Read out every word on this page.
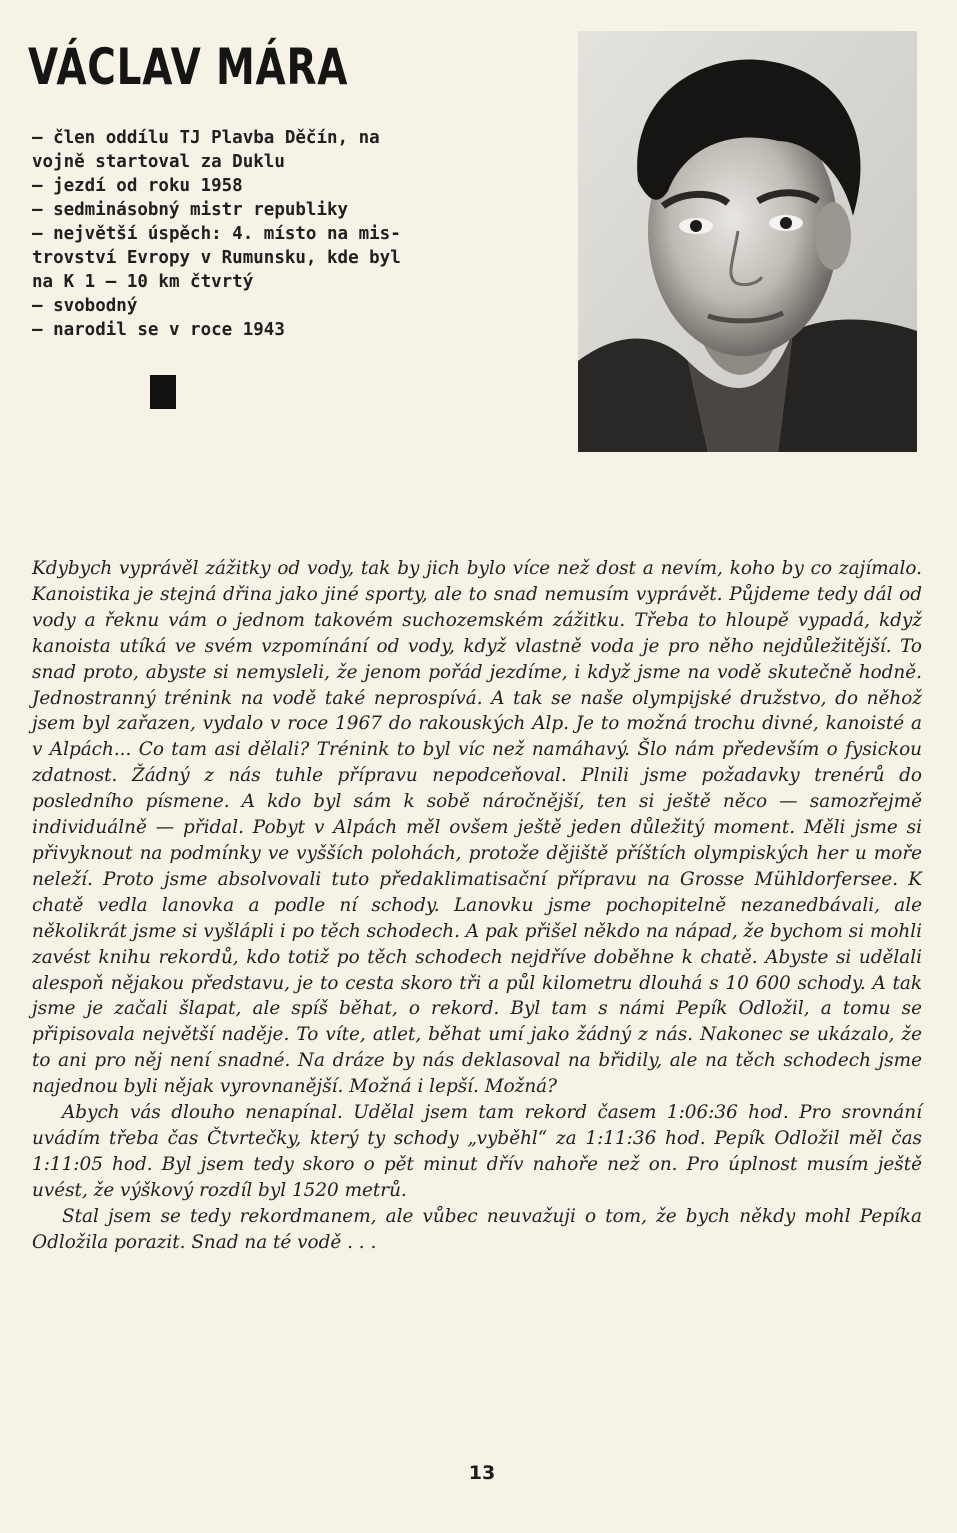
VÁCLAV MÁRA
— člen oddílu TJ Plavba Děčín, na
vojně startoval za Duklu
— jezdí od roku 1958
— sedminásobný mistr republiky
— největší úspěch: 4. místo na mis-
trovství Evropy v Rumunsku, kde byl
na K 1 — 10 km čtvrtý
— svobodný
— narodil se v roce 1943

Kdybych vyprávěl zážitky od vody, tak by jich bylo více než dost a nevím, koho by co zajímalo. Kanoistika je stejná dřina jako jiné sporty, ale to snad nemusím vyprávět. Půjdeme tedy dál od vody a řeknu vám o jednom takovém suchozemském zážitku. Třeba to hloupě vypadá, když kanoista utíká ve svém vzpomínání od vody, když vlastně voda je pro něho nejdůležitější. To snad proto, abyste si nemysleli, že jenom pořád jezdíme, i když jsme na vodě skutečně hodně. Jednostranný trénink na vodě také neprospívá. A tak se naše olympijské družstvo, do něhož jsem byl zařazen, vydalo v roce 1967 do rakouských Alp. Je to možná trochu divné, kanoisté a v Alpách... Co tam asi dělali? Trénink to byl víc než namáhavý. Šlo nám především o fysickou zdatnost. Žádný z nás tuhle přípravu nepodceňoval. Plnili jsme požadavky trenérů do posledního písmene. A kdo byl sám k sobě náročnější, ten si ještě něco — samozřejmě individuálně — přidal. Pobyt v Alpách měl ovšem ještě jeden důležitý moment. Měli jsme si přivyknout na podmínky ve vyšších polohách, protože dějiště příštích olympiských her u moře neleží. Proto jsme absolvovali tuto předaklimatisační přípravu na Grosse Mühldorfersee. K chatě vedla lanovka a podle ní schody. Lanovku jsme pochopitelně nezanedbávali, ale několikrát jsme si vyšlápli i po těch schodech. A pak přišel někdo na nápad, že bychom si mohli zavést knihu rekordů, kdo totiž po těch schodech nejdříve doběhne k chatě. Abyste si udělali alespoň nějakou představu, je to cesta skoro tři a půl kilometru dlouhá s 10 600 schody. A tak jsme je začali šlapat, ale spíš běhat, o rekord. Byl tam s námi Pepík Odložil, a tomu se připisovala největší naděje. To víte, atlet, běhat umí jako žádný z nás. Nakonec se ukázalo, že to ani pro něj není snadné. Na dráze by nás deklasoval na břidily, ale na těch schodech jsme najednou byli nějak vyrovnanější. Možná i lepší. Možná?

Abych vás dlouho nenapínal. Udělal jsem tam rekord časem 1:06:36 hod. Pro srovnání uvádím třeba čas Čtvrtečky, který ty schody „vyběhl“ za 1:11:36 hod. Pepík Odložil měl čas 1:11:05 hod. Byl jsem tedy skoro o pět minut dřív nahoře než on. Pro úplnost musím ještě uvést, že výškový rozdíl byl 1520 metrů.

Stal jsem se tedy rekordmanem, ale vůbec neuvažuji o tom, že bych někdy mohl Pepíka Odložila porazit. Snad na té vodě . . .

13
